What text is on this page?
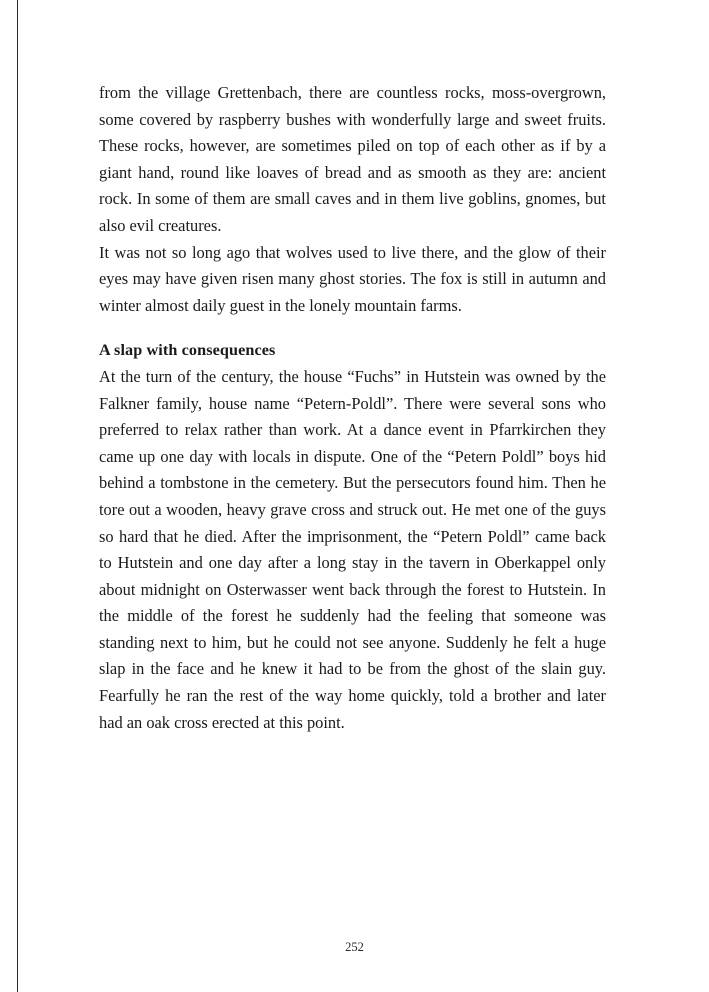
from the village Grettenbach, there are countless rocks, moss-overgrown, some covered by raspberry bushes with wonderfully large and sweet fruits. These rocks, however, are sometimes piled on top of each other as if by a giant hand, round like loaves of bread and as smooth as they are: ancient rock. In some of them are small caves and in them live goblins, gnomes, but also evil creatures.

It was not so long ago that wolves used to live there, and the glow of their eyes may have given risen many ghost stories. The fox is still in autumn and winter almost daily guest in the lonely mountain farms.

A slap with consequences

At the turn of the century, the house “Fuchs” in Hutstein was owned by the Falkner family, house name “Petern-Poldl”. There were several sons who preferred to relax rather than work. At a dance event in Pfarrkirchen they came up one day with locals in dispute. One of the “Petern Poldl” boys hid behind a tombstone in the cemetery. But the persecutors found him. Then he tore out a wooden, heavy grave cross and struck out. He met one of the guys so hard that he died. After the imprisonment, the “Petern Poldl” came back to Hutstein and one day after a long stay in the tavern in Oberkappel only about midnight on Osterwasser went back through the forest to Hutstein. In the middle of the forest he suddenly had the feeling that someone was standing next to him, but he could not see anyone. Suddenly he felt a huge slap in the face and he knew it had to be from the ghost of the slain guy. Fearfully he ran the rest of the way home quickly, told a brother and later had an oak cross erected at this point.

252
